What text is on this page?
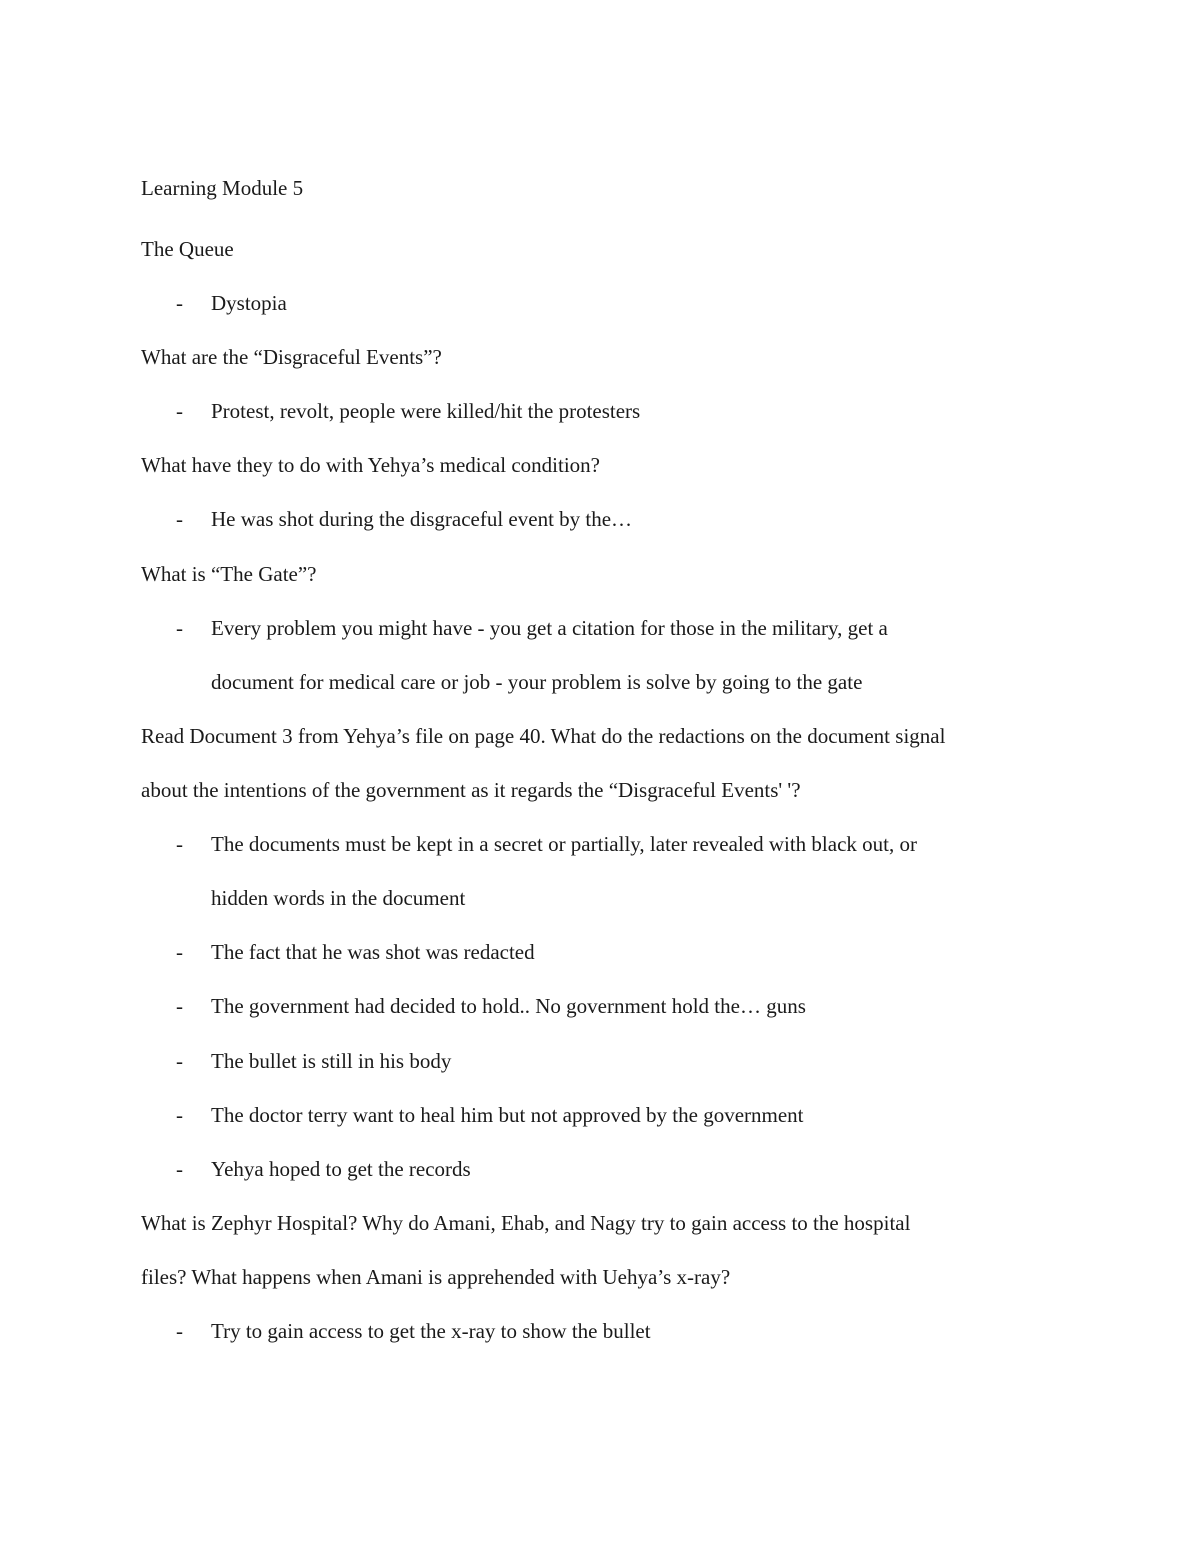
Learning Module 5
The Queue
- Dystopia
What are the “Disgraceful Events”?
- Protest, revolt, people were killed/hit the protesters
What have they to do with Yehya’s medical condition?
- He was shot during the disgraceful event by the…
What is “The Gate”?
- Every problem you might have - you get a citation for those in the military, get a
document for medical care or job - your problem is solve by going to the gate
Read Document 3 from Yehya’s file on page 40. What do the redactions on the document signal
about the intentions of the government as it regards the “Disgraceful Events' '?
- The documents must be kept in a secret or partially, later revealed with black out, or
hidden words in the document
- The fact that he was shot was redacted
- The government had decided to hold.. No government hold the… guns
- The bullet is still in his body
- The doctor terry want to heal him but not approved by the government
- Yehya hoped to get the records
What is Zephyr Hospital? Why do Amani, Ehab, and Nagy try to gain access to the hospital
files? What happens when Amani is apprehended with Uehya’s x-ray?
- Try to gain access to get the x-ray to show the bullet
